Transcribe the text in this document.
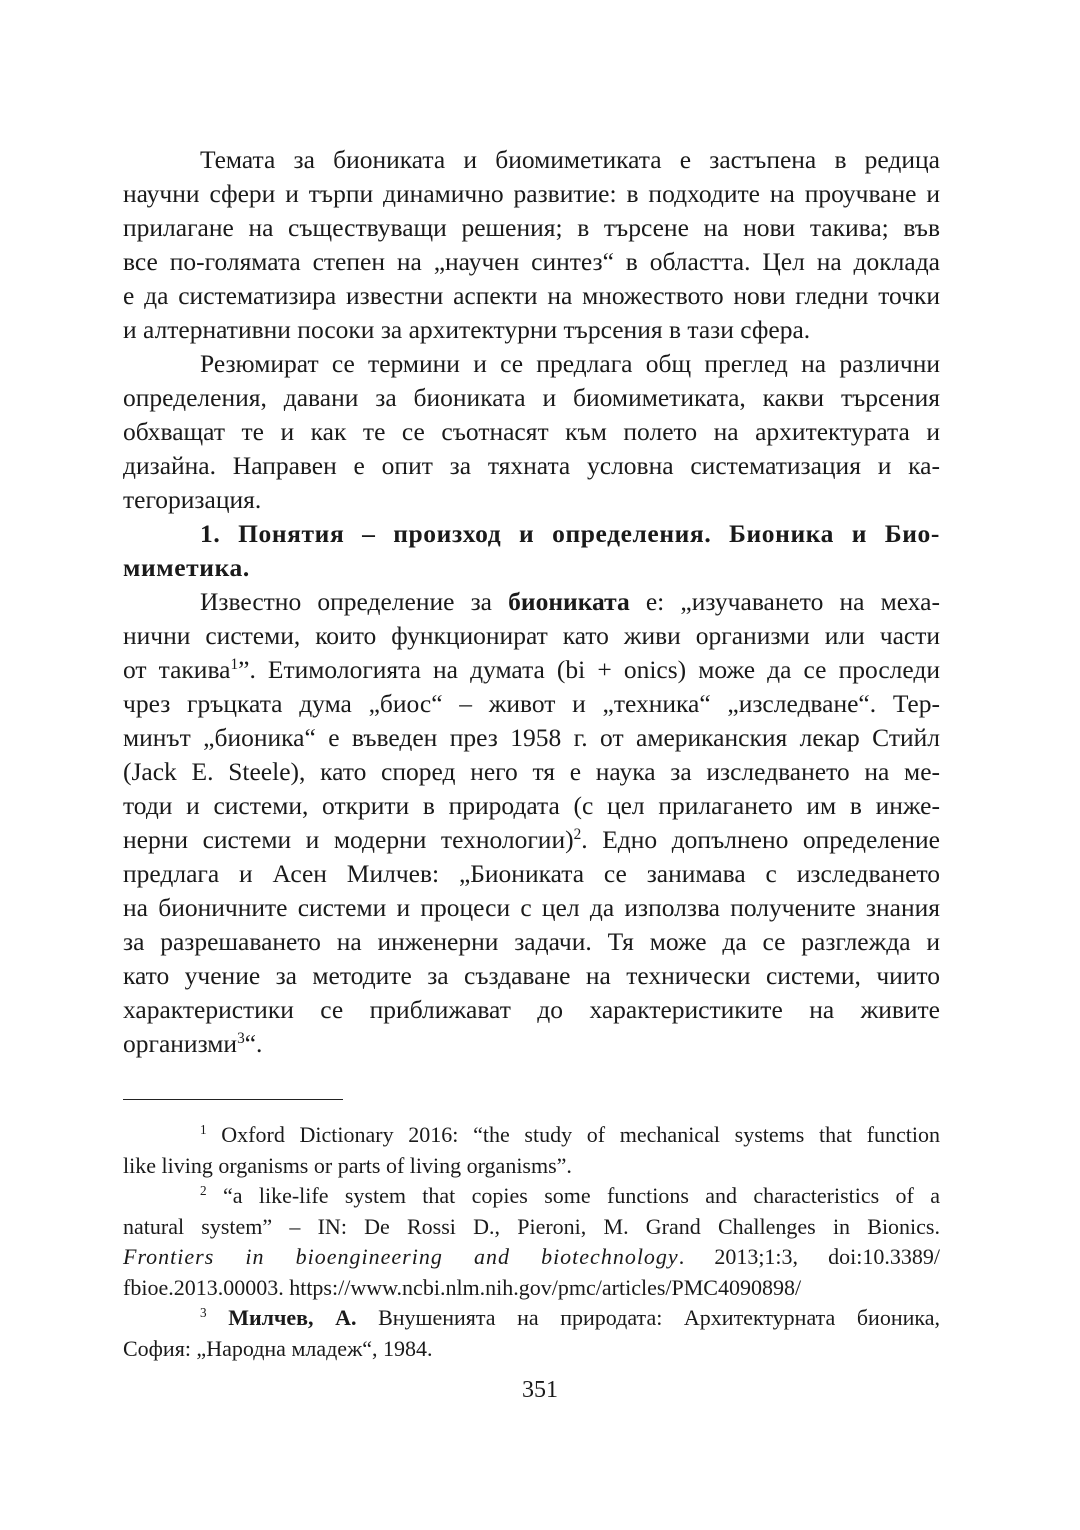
Темата за биониката и биомиметиката е застъпена в редица
научни сфери и търпи динамично развитие: в подходите на проучване и
прилагане на съществуващи решения; в търсене на нови такива; във
все по-голямата степен на „научен синтез“ в областта. Цел на доклада
е да систематизира известни аспекти на множеството нови гледни точки
и алтернативни посоки за архитектурни търсения в тази сфера.
Резюмират се термини и се предлага общ преглед на различни
определения, давани за биониката и биомиметиката, какви търсения
обхващат те и как те се съотнасят към полето на архитектурата и
дизайна. Направен е опит за тяхната условна систематизация и ка-
тегоризация.
1. Понятия – произход и определения. Бионика и Био-
миметика.
Известно определение за биониката е: „изучаването на меха-
нични системи, които функционират като живи организми или части
от такива$^1$”. Етимологията на думата (bi + onics) може да се проследи
чрез гръцката дума „биос“ – живот и „техника“ „изследване“. Тер-
минът „бионика“ е въведен през 1958 г. от американския лекар Стийл
(Jack E. Steele), като според него тя е наука за изследването на ме-
тоди и системи, открити в природата (с цел прилагането им в инже-
нерни системи и модерни технологии)$^2$. Едно допълнено определение
предлага и Асен Милчев: „Биониката се занимава с изследването
на бионичните системи и процеси с цел да използва получените знания
за разрешаването на инженерни задачи. Тя може да се разглежда и
като учение за методите за създаване на технически системи, чиито
характеристики се приближават до характеристиките на живите
организми$^3$“.
$^1$ Oxford Dictionary 2016: “the study of mechanical systems that function
like living organisms or parts of living organisms”.
$^2$ “a like-life system that copies some functions and characteristics of a
natural system” – IN: De Rossi D., Pieroni, M. Grand Challenges in Bionics.
Frontiers in bioengineering and biotechnology. 2013;1:3, doi:10.3389/
fbioe.2013.00003. https://www.ncbi.nlm.nih.gov/pmc/articles/PMC4090898/
$^3$ Милчев, А. Внушенията на природата: Архитектурната бионика,
София: „Народна младеж“, 1984.
351
